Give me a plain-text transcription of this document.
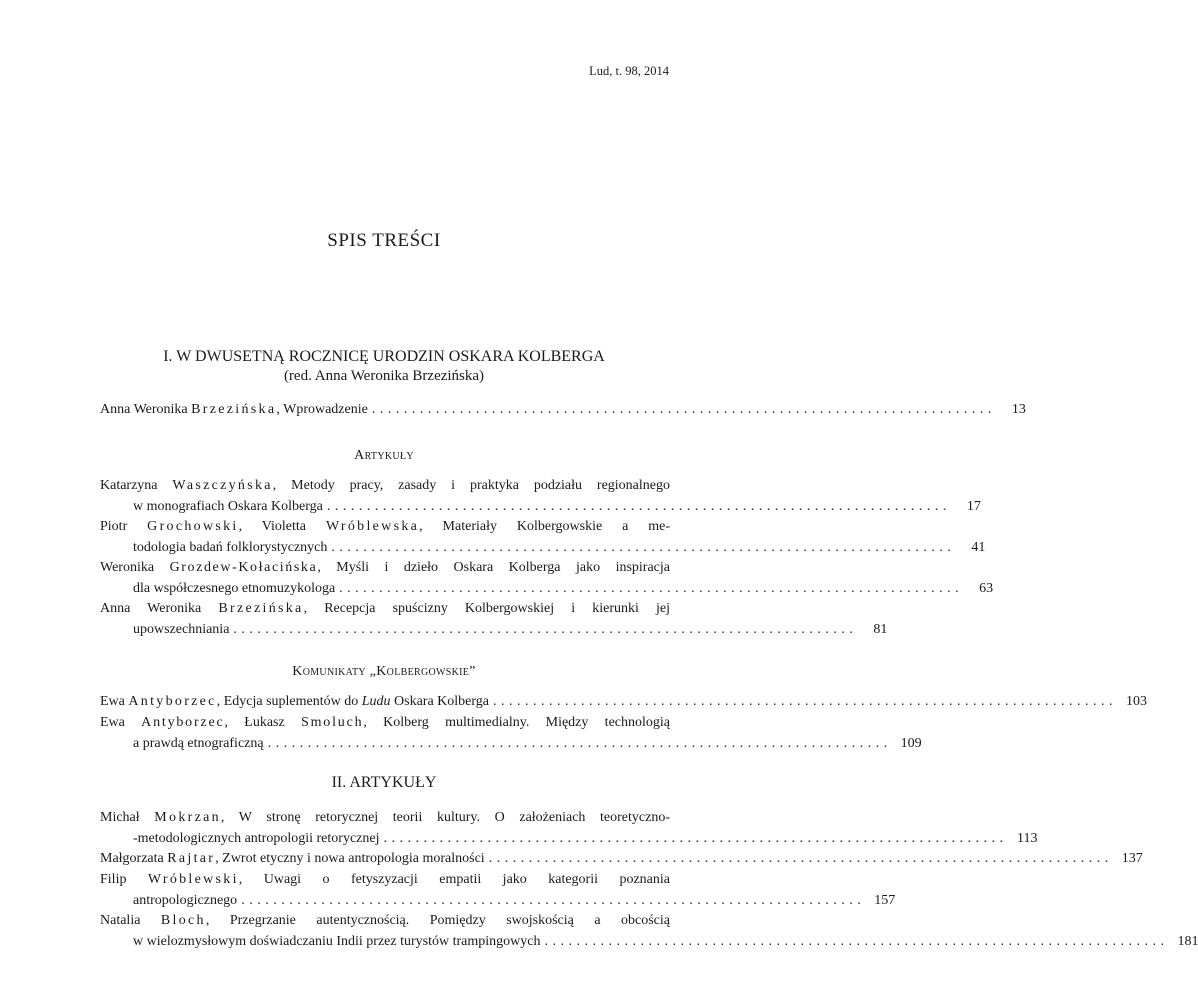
Lud, t. 98, 2014
SPIS TREŚCI
I. W DWUSETNĄ ROCZNICĘ URODZIN OSKARA KOLBERGA
(red. Anna Weronika Brzezińska)
Anna Weronika Brzezińska, Wprowadzenie ..............................................................................	13
Artykuły
Katarzyna Waszczyńska, Metody pracy, zasady i praktyka podziału regionalnego
w monografiach Oskara Kolberga ..............................................................................	17
Piotr Grochowski, Violetta Wróblewska, Materiały Kolbergowskie a me-
todologia badań folklorystycznych ..............................................................................	41
Weronika Grozdew-Kołacińska, Myśli i dzieło Oskara Kolberga jako inspiracja
dla współczesnego etnomuzykologa ..............................................................................	63
Anna Weronika Brzezińska, Recepcja spuścizny Kolbergowskiej i kierunki jej
upowszechniania ..............................................................................	81
Komunikaty „Kolbergowskie”
Ewa Antyborzec, Edycja suplementów do Ludu Oskara Kolberga .............................................................................. 103
Ewa Antyborzec, Łukasz Smoluch, Kolberg multimedialny. Między technologią
a prawdą etnograficzną .............................................................................. 109
II. ARTYKUŁY
Michał Mokrzan, W stronę retorycznej teorii kultury. O założeniach teoretyczno-
-metodologicznych antropologii retorycznej .............................................................................. 113
Małgorzata Rajtar, Zwrot etyczny i nowa antropologia moralności .............................................................................. 137
Filip Wróblewski, Uwagi o fetyszyzacji empatii jako kategorii poznania
antropologicznego .............................................................................. 157
Natalia Bloch, Przegrzanie autentycznością. Pomiędzy swojskością a obcością
w wielozmysłowym doświadczaniu Indii przez turystów trampingowych .............................................................................. 181
